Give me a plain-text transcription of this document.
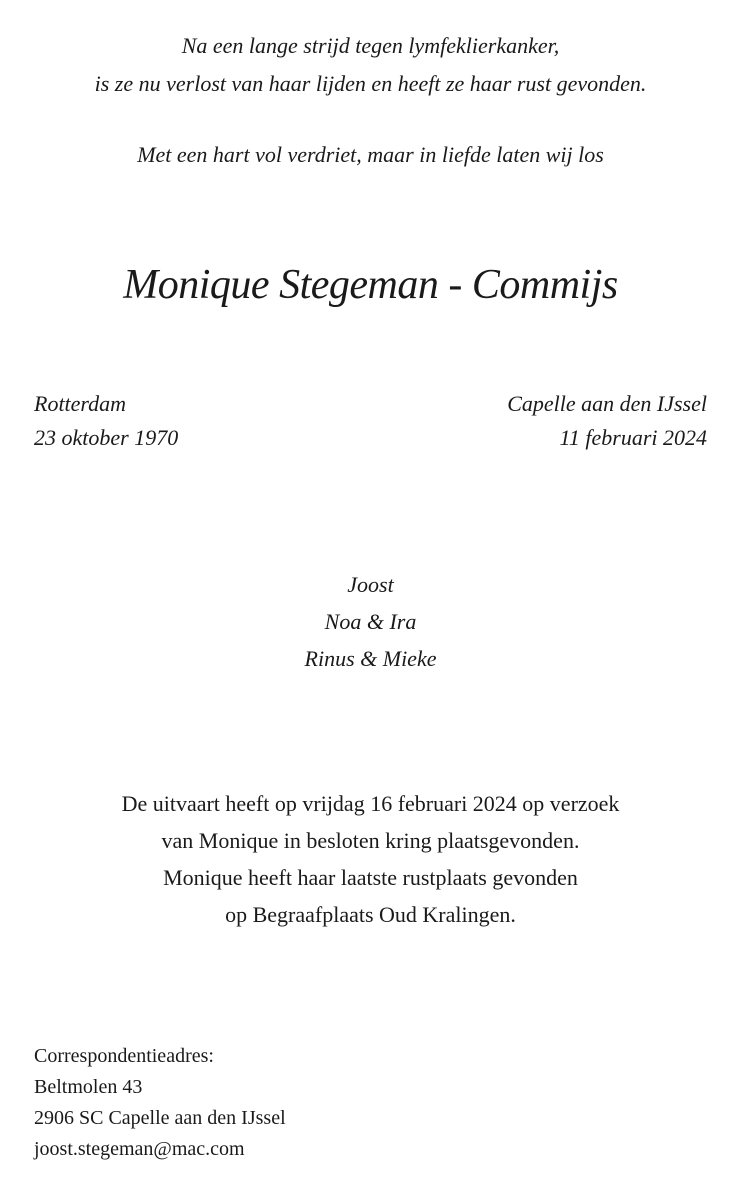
Na een lange strijd tegen lymfeklierkanker,
is ze nu verlost van haar lijden en heeft ze haar rust gevonden.
Met een hart vol verdriet, maar in liefde laten wij los
Monique Stegeman - Commijs
Rotterdam
23 oktober 1970
Capelle aan den IJssel
11 februari 2024
Joost
Noa & Ira
Rinus & Mieke
De uitvaart heeft op vrijdag 16 februari 2024 op verzoek
van Monique in besloten kring plaatsgevonden.
Monique heeft haar laatste rustplaats gevonden
op Begraafplaats Oud Kralingen.
Correspondentieadres:
Beltmolen 43
2906 SC Capelle aan den IJssel
joost.stegeman@mac.com
